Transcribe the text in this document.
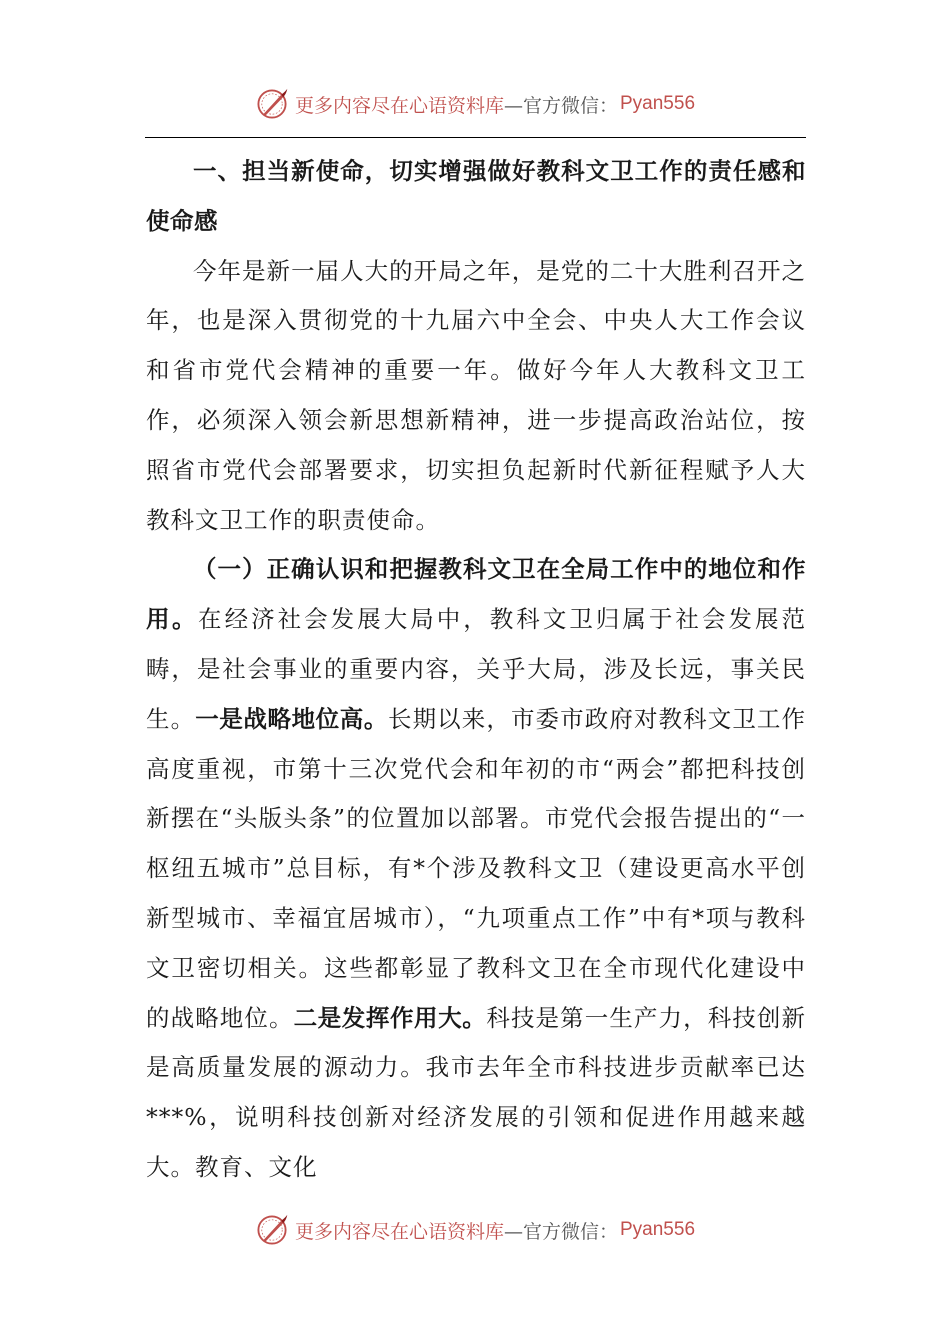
更多内容尽在心语资料库 —官方微信： Pyan556

一、担当新使命，切实增强做好教科文卫工作的责任感和使命感

今年是新一届人大的开局之年，是党的二十大胜利召开之年，也是深入贯彻党的十九届六中全会、中央人大工作会议和省市党代会精神的重要一年。做好今年人大教科文卫工作，必须深入领会新思想新精神，进一步提高政治站位，按照省市党代会部署要求，切实担负起新时代新征程赋予人大教科文卫工作的职责使命。

（一）正确认识和把握教科文卫在全局工作中的地位和作用。在经济社会发展大局中，教科文卫归属于社会发展范畴，是社会事业的重要内容，关乎大局，涉及长远，事关民生。一是战略地位高。长期以来，市委市政府对教科文卫工作高度重视，市第十三次党代会和年初的市“两会”都把科技创新摆在“头版头条”的位置加以部署。市党代会报告提出的“一枢纽五城市”总目标，有*个涉及教科文卫（建设更高水平创新型城市、幸福宜居城市），“九项重点工作”中有*项与教科文卫密切相关。这些都彰显了教科文卫在全市现代化建设中的战略地位。二是发挥作用大。科技是第一生产力，科技创新是高质量发展的源动力。我市去年全市科技进步贡献率已达***%，说明科技创新对经济发展的引领和促进作用越来越大。教育、文化

更多内容尽在心语资料库 —官方微信： Pyan556
